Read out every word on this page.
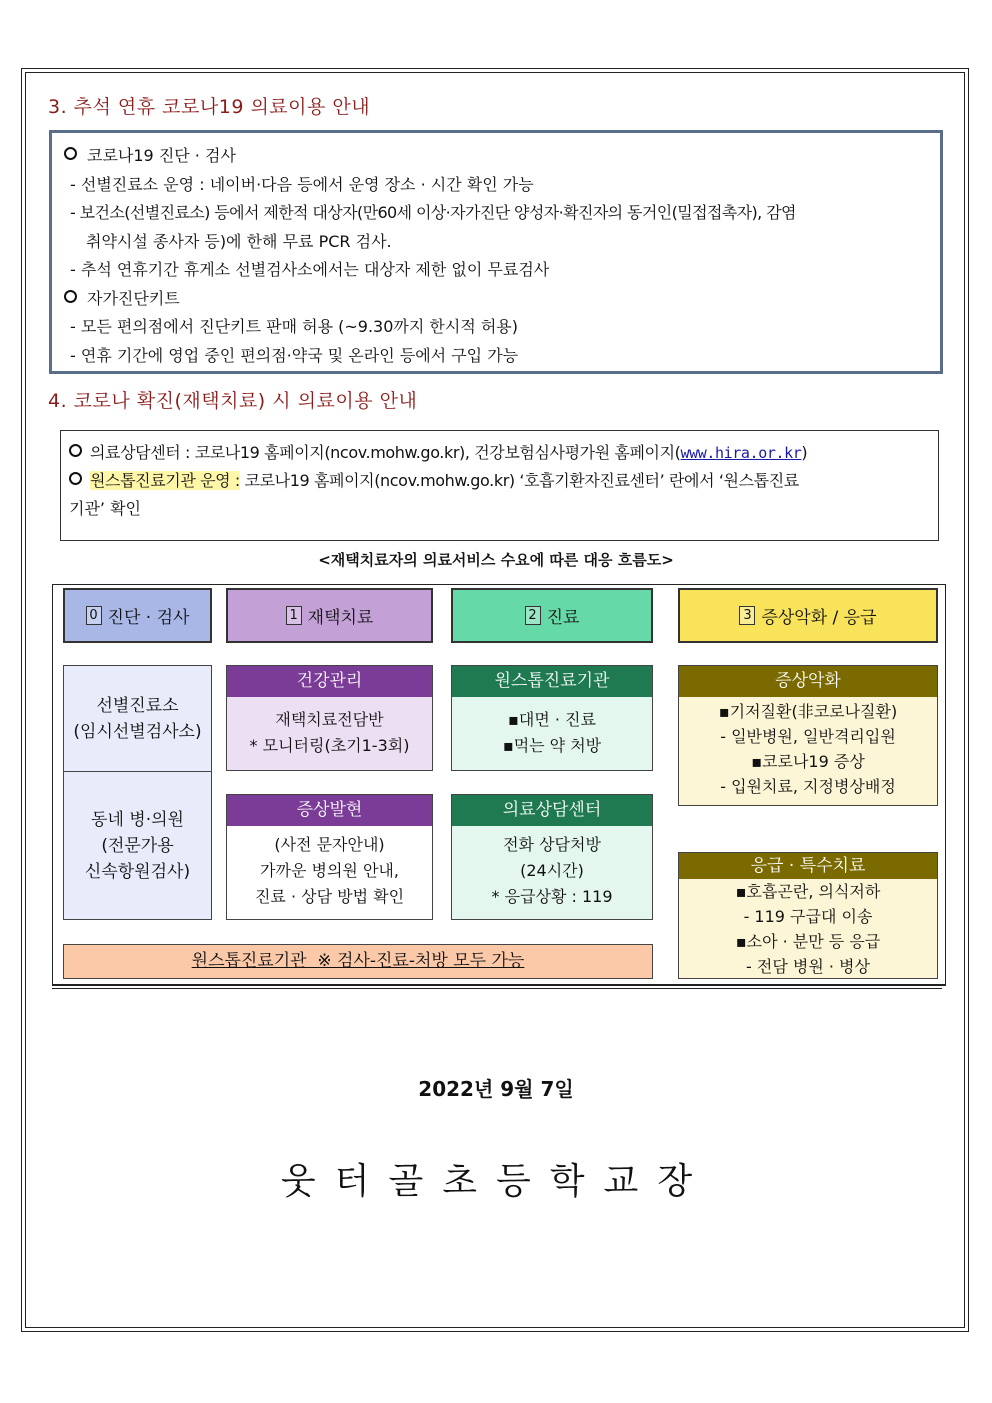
3. 추석 연휴 코로나19 의료이용 안내
코로나19 진단 · 검사
- 선별진료소 운영 : 네이버·다음 등에서 운영 장소 · 시간 확인 가능
- 보건소(선별진료소) 등에서 제한적 대상자(만60세 이상·자가진단 양성자·확진자의 동거인(밀접접촉자), 감염
취약시설 종사자 등)에 한해 무료 PCR 검사.
- 추석 연휴기간 휴게소 선별검사소에서는 대상자 제한 없이 무료검사
자가진단키트
- 모든 편의점에서 진단키트 판매 허용 (~9.30까지 한시적 허용)
- 연휴 기간에 영업 중인 편의점·약국 및 온라인 등에서 구입 가능
4. 코로나 확진(재택치료) 시 의료이용 안내
의료상담센터 : 코로나19 홈페이지(ncov.mohw.go.kr), 건강보험심사평가원 홈페이지(www.hira.or.kr)
원스톱진료기관 운영 : 코로나19 홈페이지(ncov.mohw.go.kr) ‘호흡기환자진료센터’ 란에서 ‘원스톱진료
기관’ 확인
<재택치료자의 의료서비스 수요에 따른 대응 흐름도>
0 진단 · 검사	1 재택치료	2 진료	3 증상악화 / 응급
선별진료소
(임시선별검사소)
동네 병·의원
(전문가용
신속항원검사)
건강관리
재택치료전담반
* 모니터링(초기1-3회)
증상발현
(사전 문자안내)
가까운 병의원 안내,
진료 · 상담 방법 확인
원스톱진료기관
▪대면 · 진료
▪먹는 약 처방
의료상담센터
전화 상담처방
(24시간)
* 응급상황 : 119
증상악화
▪기저질환(非코로나질환)
- 일반병원, 일반격리입원
▪코로나19 증상
- 입원치료, 지정병상배정
응급 · 특수치료
▪호흡곤란, 의식저하
- 119 구급대 이송
▪소아 · 분만 등 응급
- 전담 병원 · 병상
원스톱진료기관  ※ 검사-진료-처방 모두 가능
2022년 9월 7일
웃터골초등학교장
